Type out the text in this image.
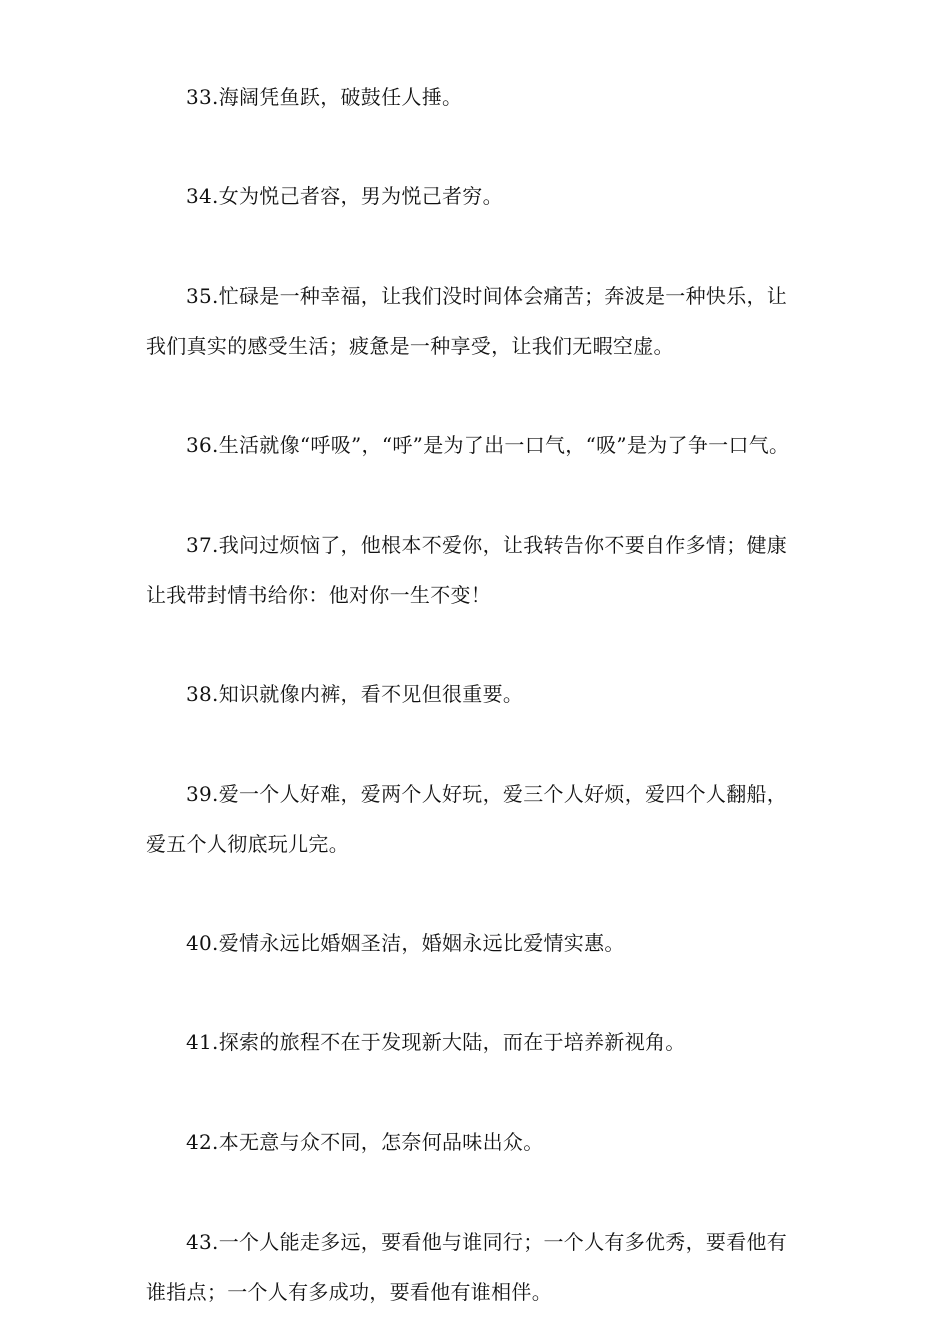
33.海阔凭鱼跃，破鼓任人捶。

34.女为悦己者容，男为悦己者穷。

35.忙碌是一种幸福，让我们没时间体会痛苦；奔波是一种快乐，让
我们真实的感受生活；疲惫是一种享受，让我们无暇空虚。

36.生活就像“呼吸”，“呼”是为了出一口气，“吸”是为了争一口气。

37.我问过烦恼了，他根本不爱你，让我转告你不要自作多情；健康
让我带封情书给你：他对你一生不变！

38.知识就像内裤，看不见但很重要。

39.爱一个人好难，爱两个人好玩，爱三个人好烦，爱四个人翻船，
爱五个人彻底玩儿完。

40.爱情永远比婚姻圣洁，婚姻永远比爱情实惠。

41.探索的旅程不在于发现新大陆，而在于培养新视角。

42.本无意与众不同，怎奈何品味出众。

43.一个人能走多远，要看他与谁同行；一个人有多优秀，要看他有
谁指点；一个人有多成功，要看他有谁相伴。
